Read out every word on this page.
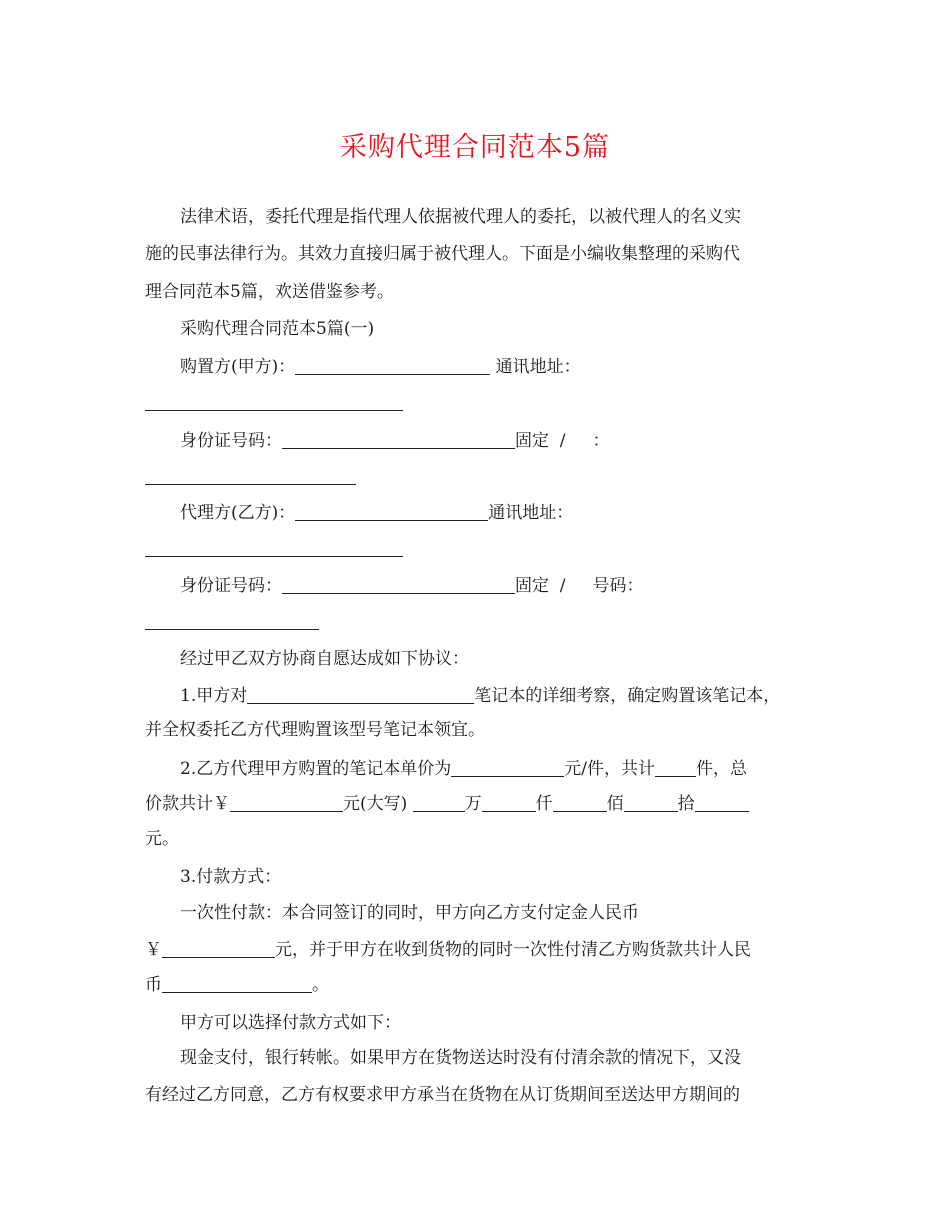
采购代理合同范本5篇
法律术语，委托代理是指代理人依据被代理人的委托，以被代理人的名义实
施的民事法律行为。其效力直接归属于被代理人。下面是小编收集整理的采购代
理合同范本5篇，欢送借鉴参考。
采购代理合同范本5篇(一)
购置方(甲方)：	通讯地址：
身份证号码：	固定  /     ：
代理方(乙方)：	通讯地址：
身份证号码：	固定  /     号码：
经过甲乙双方协商自愿达成如下协议：
1.甲方对	笔记本的详细考察，确定购置该笔记本，
并全权委托乙方代理购置该型号笔记本领宜。
2.乙方代理甲方购置的笔记本单价为	元/件，共计 件，总
价款共计￥	元(大写)	万	仟	佰	拾
元。
3.付款方式：
一次性付款：本合同签订的同时，甲方向乙方支付定金人民币
￥	元，并于甲方在收到货物的同时一次性付清乙方购货款共计人民
币	。
甲方可以选择付款方式如下：
现金支付，银行转帐。如果甲方在货物送达时没有付清余款的情况下，又没
有经过乙方同意，乙方有权要求甲方承当在货物在从订货期间至送达甲方期间的
